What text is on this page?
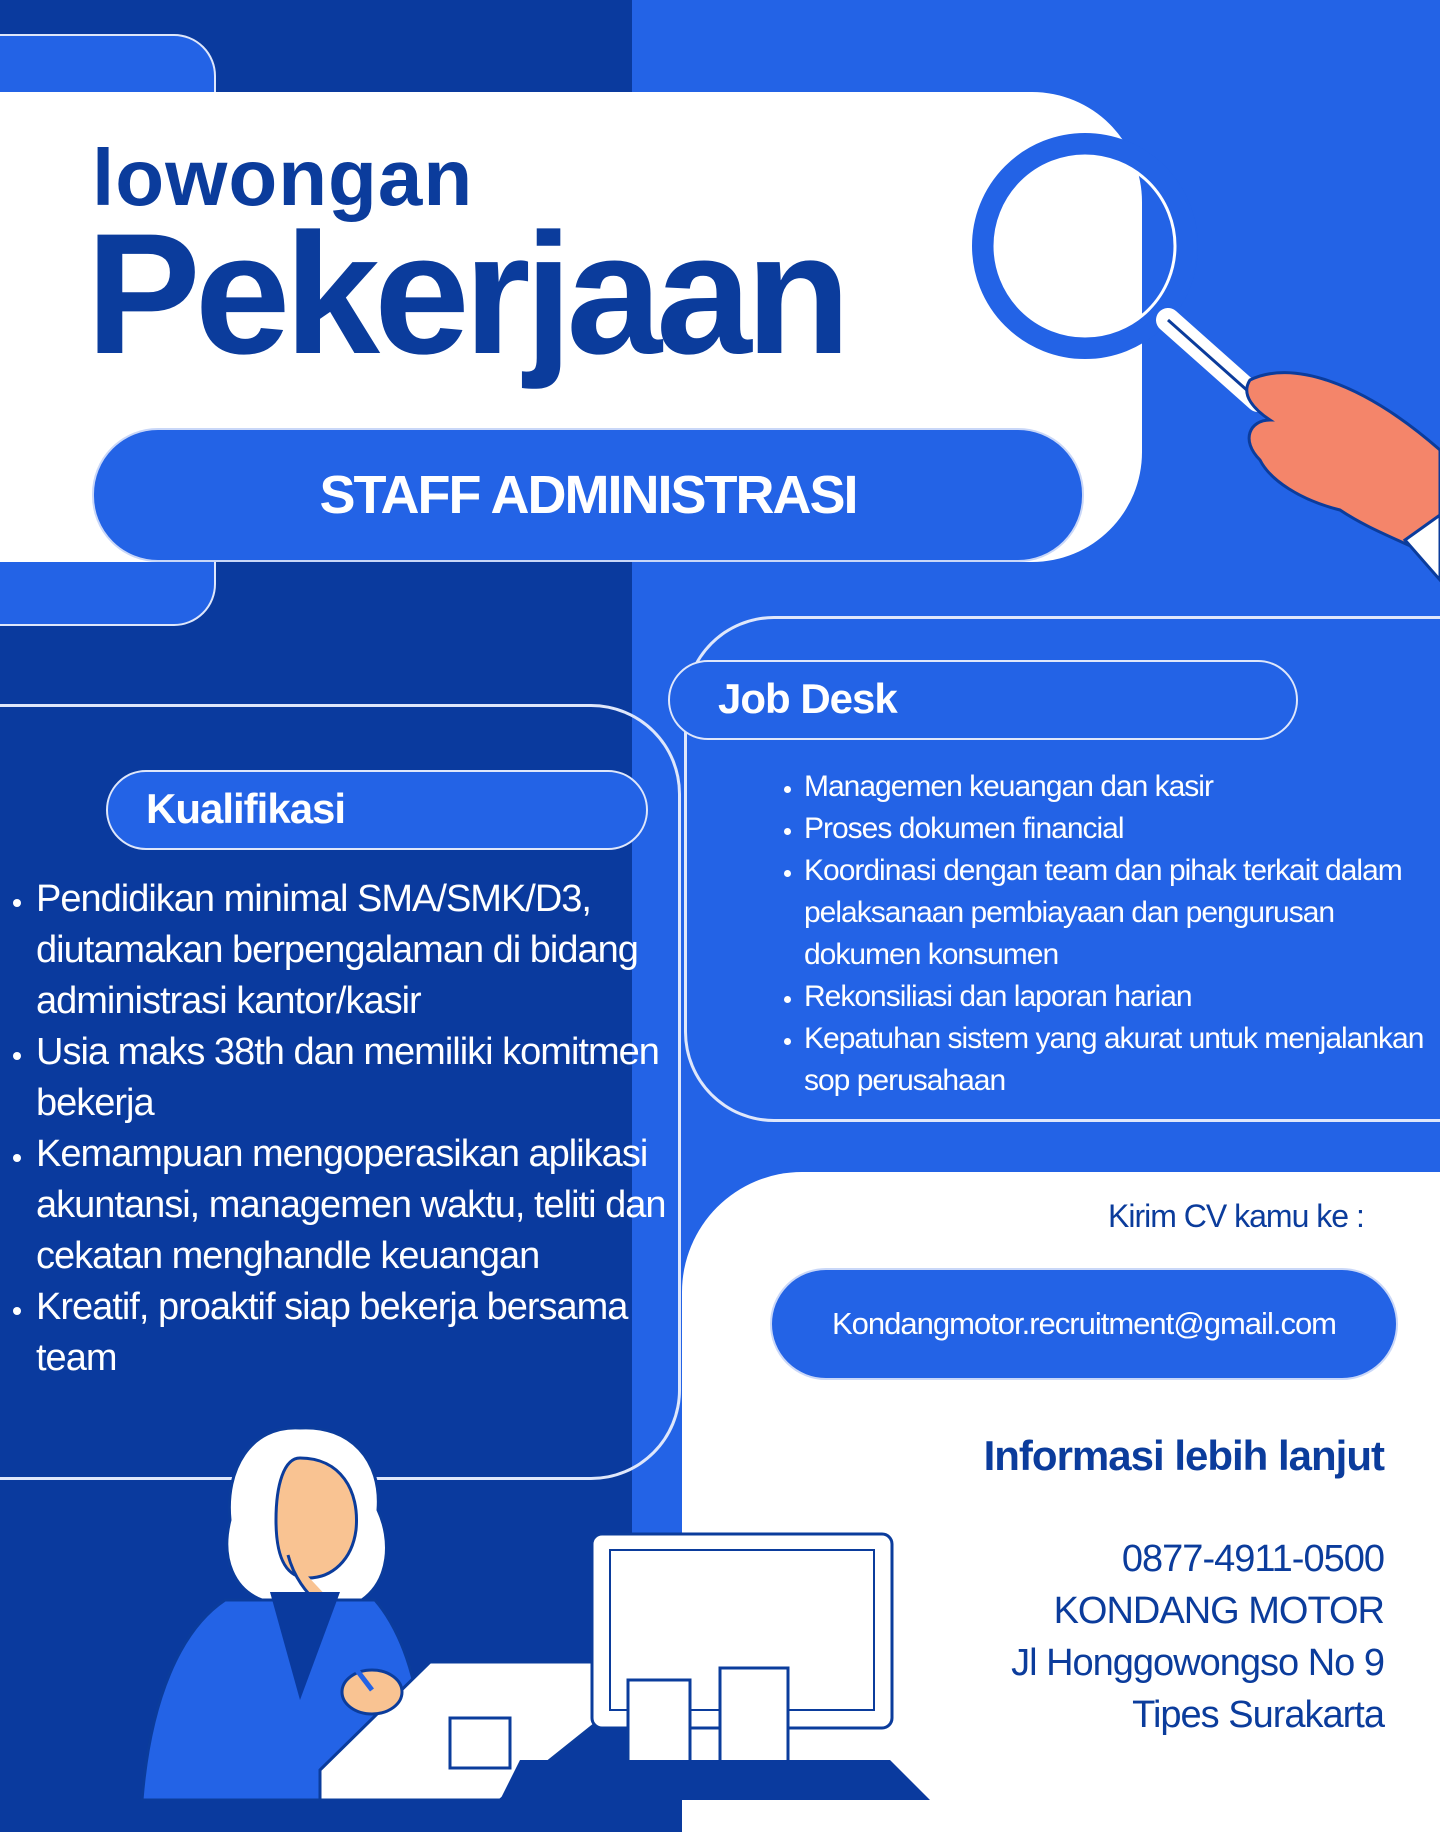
lowongan
Pekerjaan
STAFF ADMINISTRASI
Kualifikasi
• Pendidikan minimal SMA/SMK/D3, diutamakan berpengalaman di bidang administrasi kantor/kasir
• Usia maks 38th dan memiliki komitmen bekerja
• Kemampuan mengoperasikan aplikasi akuntansi, managemen waktu, teliti dan cekatan menghandle keuangan
• Kreatif, proaktif siap bekerja bersama team
Job Desk
• Managemen keuangan dan kasir
• Proses dokumen financial
• Koordinasi dengan team dan pihak terkait dalam pelaksanaan pembiayaan dan pengurusan dokumen konsumen
• Rekonsiliasi dan laporan harian
• Kepatuhan sistem yang akurat untuk menjalankan sop perusahaan
Kirim CV kamu ke :
Kondangmotor.recruitment@gmail.com
Informasi lebih lanjut
0877-4911-0500
KONDANG MOTOR
Jl Honggowongso No 9
Tipes Surakarta
